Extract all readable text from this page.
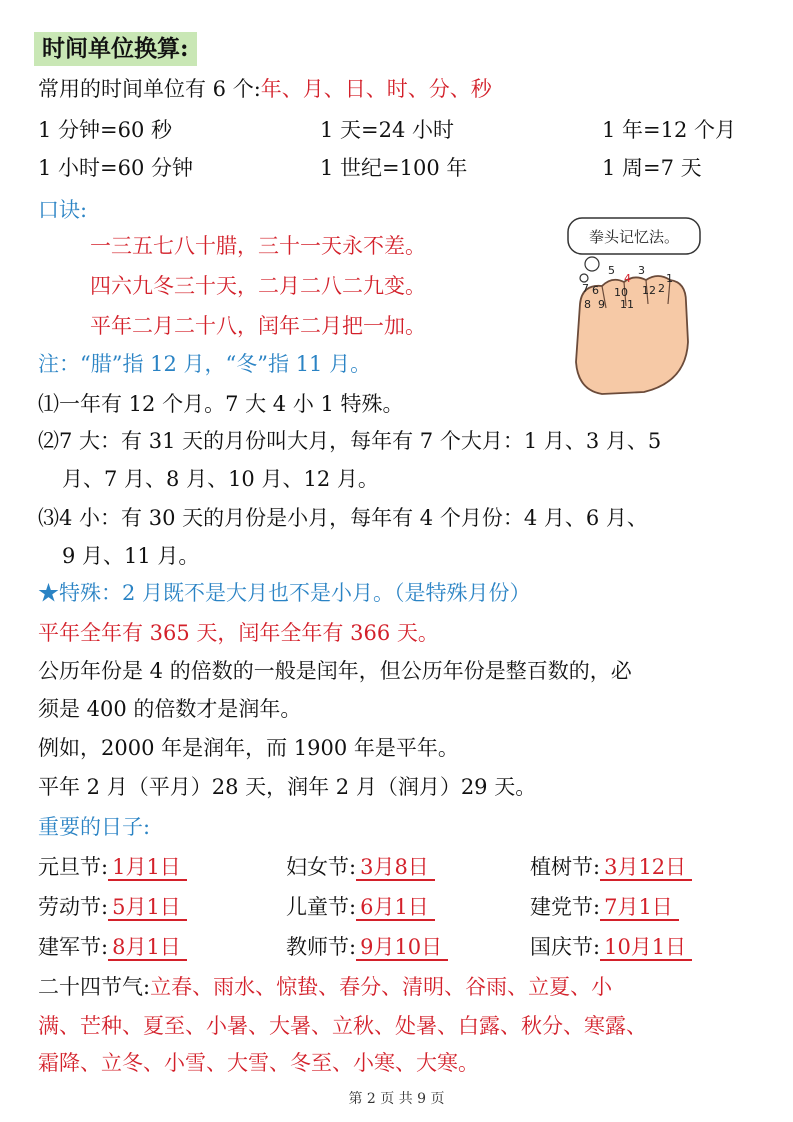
时间单位换算:
常用的时间单位有 6 个:年、月、日、时、分、秒
1 分钟=60 秒	1 天=24 小时	1 年=12 个月
1 小时=60 分钟	1 世纪=100 年	1 周=7 天
口诀:
一三五七八十腊，三十一天永不差。
四六九冬三十天，二月二八二九变。
平年二月二十八，闰年二月把一加。
注：“腊”指 12 月，“冬”指 11 月。
拳头记忆法。
1
2
3
4
5
6
7
8 9
10
11
12
⑴一年有 12 个月。7 大 4 小 1 特殊。
⑵7 大：有 31 天的月份叫大月，每年有 7 个大月：1 月、3 月、5
月、7 月、8 月、10 月、12 月。
⑶4 小：有 30 天的月份是小月，每年有 4 个月份：4 月、6 月、
9 月、11 月。
★特殊：2 月既不是大月也不是小月。（是特殊月份）
平年全年有 365 天，闰年全年有 366 天。
公历年份是 4 的倍数的一般是闰年，但公历年份是整百数的，必
须是 400 的倍数才是润年。
例如，2000 年是润年，而 1900 年是平年。
平年 2 月（平月）28 天，润年 2 月（润月）29 天。
重要的日子:
元旦节: 1月1日	妇女节: 3月8日	植树节: 3月12日
劳动节: 5月1日	儿童节: 6月1日	建党节: 7月1日
建军节: 8月1日	教师节: 9月10日	国庆节: 10月1日
二十四节气:立春、雨水、惊蛰、春分、清明、谷雨、立夏、小
满、芒种、夏至、小暑、大暑、立秋、处暑、白露、秋分、寒露、
霜降、立冬、小雪、大雪、冬至、小寒、大寒。
第 2 页 共 9 页
